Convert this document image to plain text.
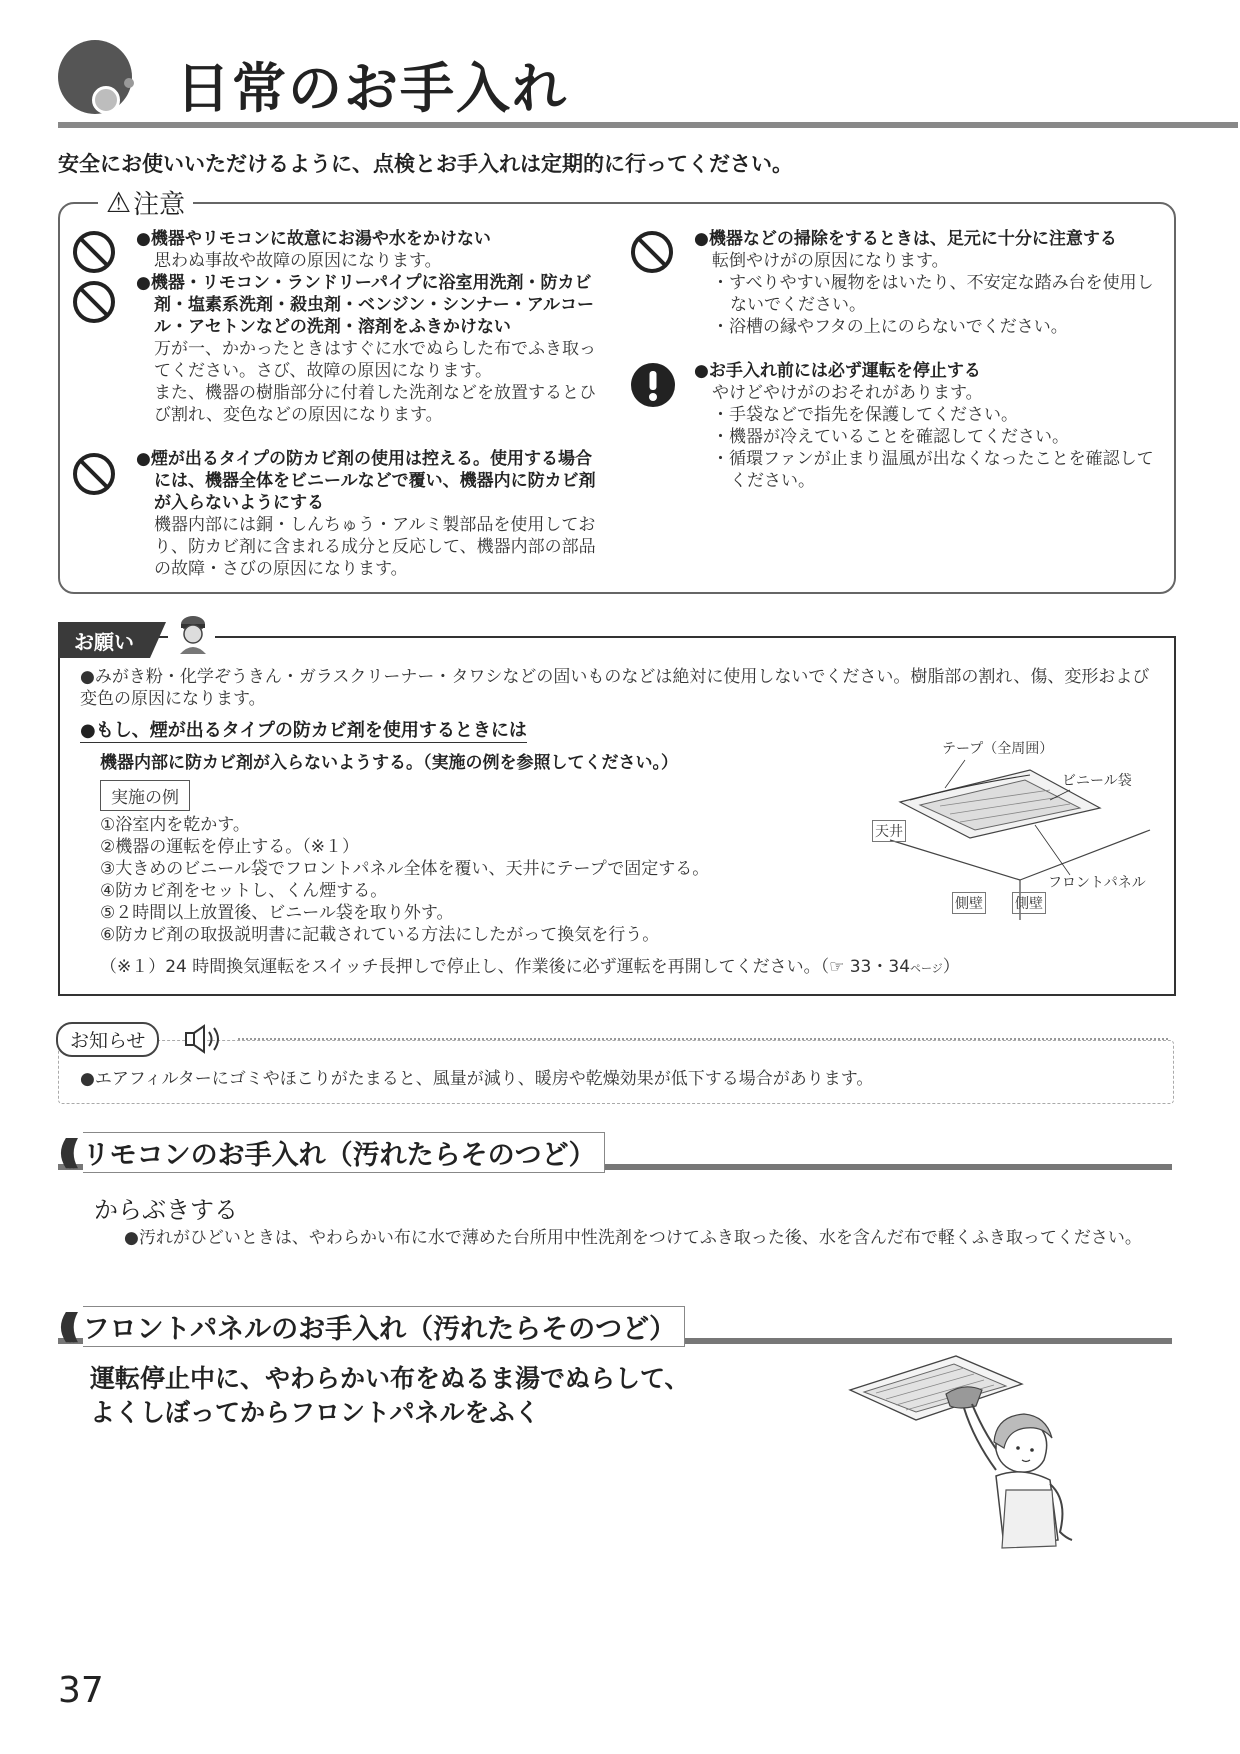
日常のお手入れ
安全にお使いいただけるように、点検とお手入れは定期的に行ってください。
⚠ 注意
● 機器やリモコンに故意にお湯や水をかけない
思わぬ事故や故障の原因になります。
● 機器・リモコン・ランドリーパイプに浴室用洗剤・防カビ剤・塩素系洗剤・殺虫剤・ベンジン・シンナー・アルコール・アセトンなどの洗剤・溶剤をふきかけない
万が一、かかったときはすぐに水でぬらした布でふき取ってください。さび、故障の原因になります。
また、機器の樹脂部分に付着した洗剤などを放置するとひび割れ、変色などの原因になります。
● 煙が出るタイプの防カビ剤の使用は控える。使用する場合には、機器全体をビニールなどで覆い、機器内に防カビ剤が入らないようにする
機器内部には銅・しんちゅう・アルミ製部品を使用しており、防カビ剤に含まれる成分と反応して、機器内部の部品の故障・さびの原因になります。
● 機器などの掃除をするときは、足元に十分に注意する
転倒やけがの原因になります。
・すべりやすい履物をはいたり、不安定な踏み台を使用しないでください。
・浴槽の縁やフタの上にのらないでください。
● お手入れ前には必ず運転を停止する
やけどやけがのおそれがあります。
・手袋などで指先を保護してください。
・機器が冷えていることを確認してください。
・循環ファンが止まり温風が出なくなったことを確認してください。
お願い
●みがき粉・化学ぞうきん・ガラスクリーナー・タワシなどの固いものなどは絶対に使用しないでください。樹脂部の割れ、傷、変形および変色の原因になります。
●もし、煙が出るタイプの防カビ剤を使用するときには
機器内部に防カビ剤が入らないようする。（実施の例を参照してください。）
実施の例
①浴室内を乾かす。
②機器の運転を停止する。（※１）
③大きめのビニール袋でフロントパネル全体を覆い、天井にテープで固定する。
④防カビ剤をセットし、くん煙する。
⑤２時間以上放置後、ビニール袋を取り外す。
⑥防カビ剤の取扱説明書に記載されている方法にしたがって換気を行う。
（※１）24 時間換気運転をスイッチ長押しで停止し、作業後に必ず運転を再開してください。（☞ 33・34ページ）
テープ（全周囲）
ビニール袋
天井
フロントパネル
側壁 側壁
お知らせ
●エアフィルターにゴミやほこりがたまると、風量が減り、暖房や乾燥効果が低下する場合があります。
((( リモコンのお手入れ（汚れたらそのつど）
からぶきする
●汚れがひどいときは、やわらかい布に水で薄めた台所用中性洗剤をつけてふき取った後、水を含んだ布で軽くふき取ってください。
((( フロントパネルのお手入れ（汚れたらそのつど）
運転停止中に、やわらかい布をぬるま湯でぬらして、
よくしぼってからフロントパネルをふく
37
